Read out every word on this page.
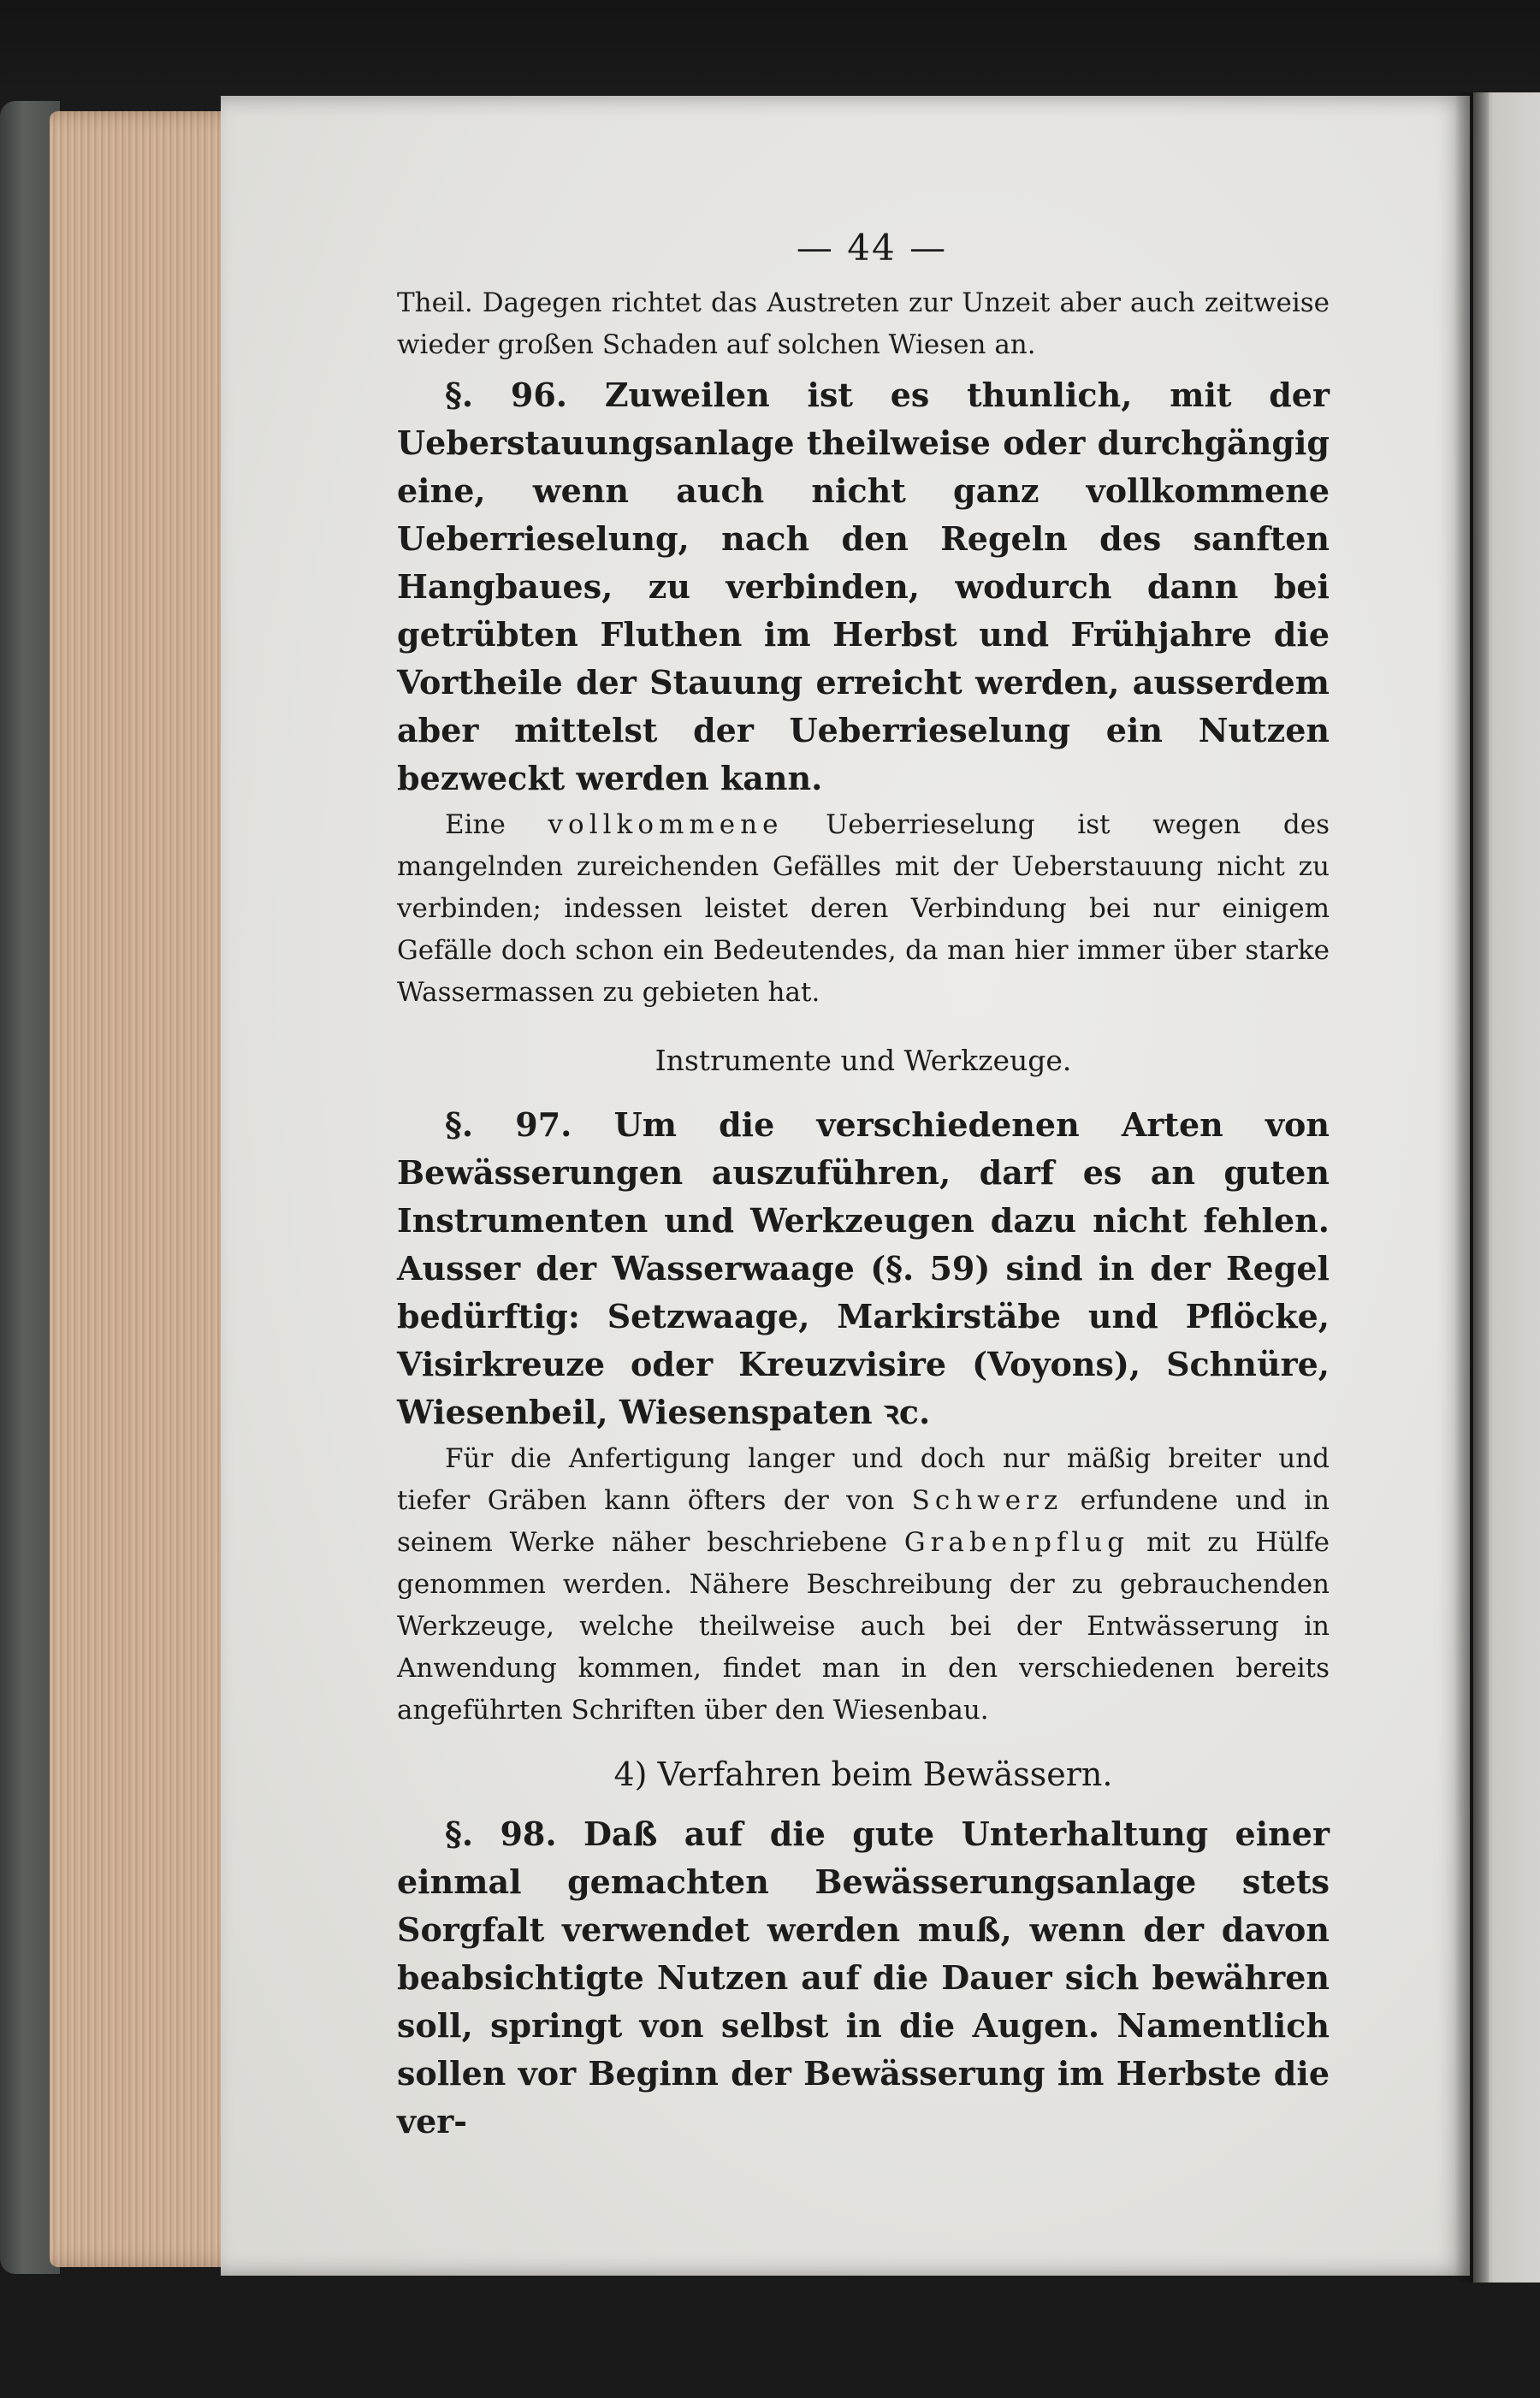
— 44 —

Theil. Dagegen richtet das Austreten zur Unzeit aber auch zeitweise wieder großen Schaden auf solchen Wiesen an.

§. 96. Zuweilen ist es thunlich, mit der Ueberstauungsanlage theilweise oder durchgängig eine, wenn auch nicht ganz vollkommene Ueberrieselung, nach den Regeln des sanften Hangbaues, zu verbinden, wodurch dann bei getrübten Fluthen im Herbst und Frühjahre die Vortheile der Stauung erreicht werden, ausserdem aber mittelst der Ueberrieselung ein Nutzen bezweckt werden kann.

Eine vollkommene Ueberrieselung ist wegen des mangelnden zureichenden Gefälles mit der Ueberstauung nicht zu verbinden; indessen leistet deren Verbindung bei nur einigem Gefälle doch schon ein Bedeutendes, da man hier immer über starke Wassermassen zu gebieten hat.

Instrumente und Werkzeuge.

§. 97. Um die verschiedenen Arten von Bewässerungen auszuführen, darf es an guten Instrumenten und Werkzeugen dazu nicht fehlen. Ausser der Wasserwaage (§. 59) sind in der Regel bedürftig: Setzwaage, Markirstäbe und Pflöcke, Visirkreuze oder Kreuzvisire (Voyons), Schnüre, Wiesenbeil, Wiesenspaten ꝛc.

Für die Anfertigung langer und doch nur mäßig breiter und tiefer Gräben kann öfters der von Schwerz erfundene und in seinem Werke näher beschriebene Grabenpflug mit zu Hülfe genommen werden. Nähere Beschreibung der zu gebrauchenden Werkzeuge, welche theilweise auch bei der Entwässerung in Anwendung kommen, findet man in den verschiedenen bereits angeführten Schriften über den Wiesenbau.

4) Verfahren beim Bewässern.

§. 98. Daß auf die gute Unterhaltung einer einmal gemachten Bewässerungsanlage stets Sorgfalt verwendet werden muß, wenn der davon beabsichtigte Nutzen auf die Dauer sich bewähren soll, springt von selbst in die Augen. Namentlich sollen vor Beginn der Bewässerung im Herbste die ver-
